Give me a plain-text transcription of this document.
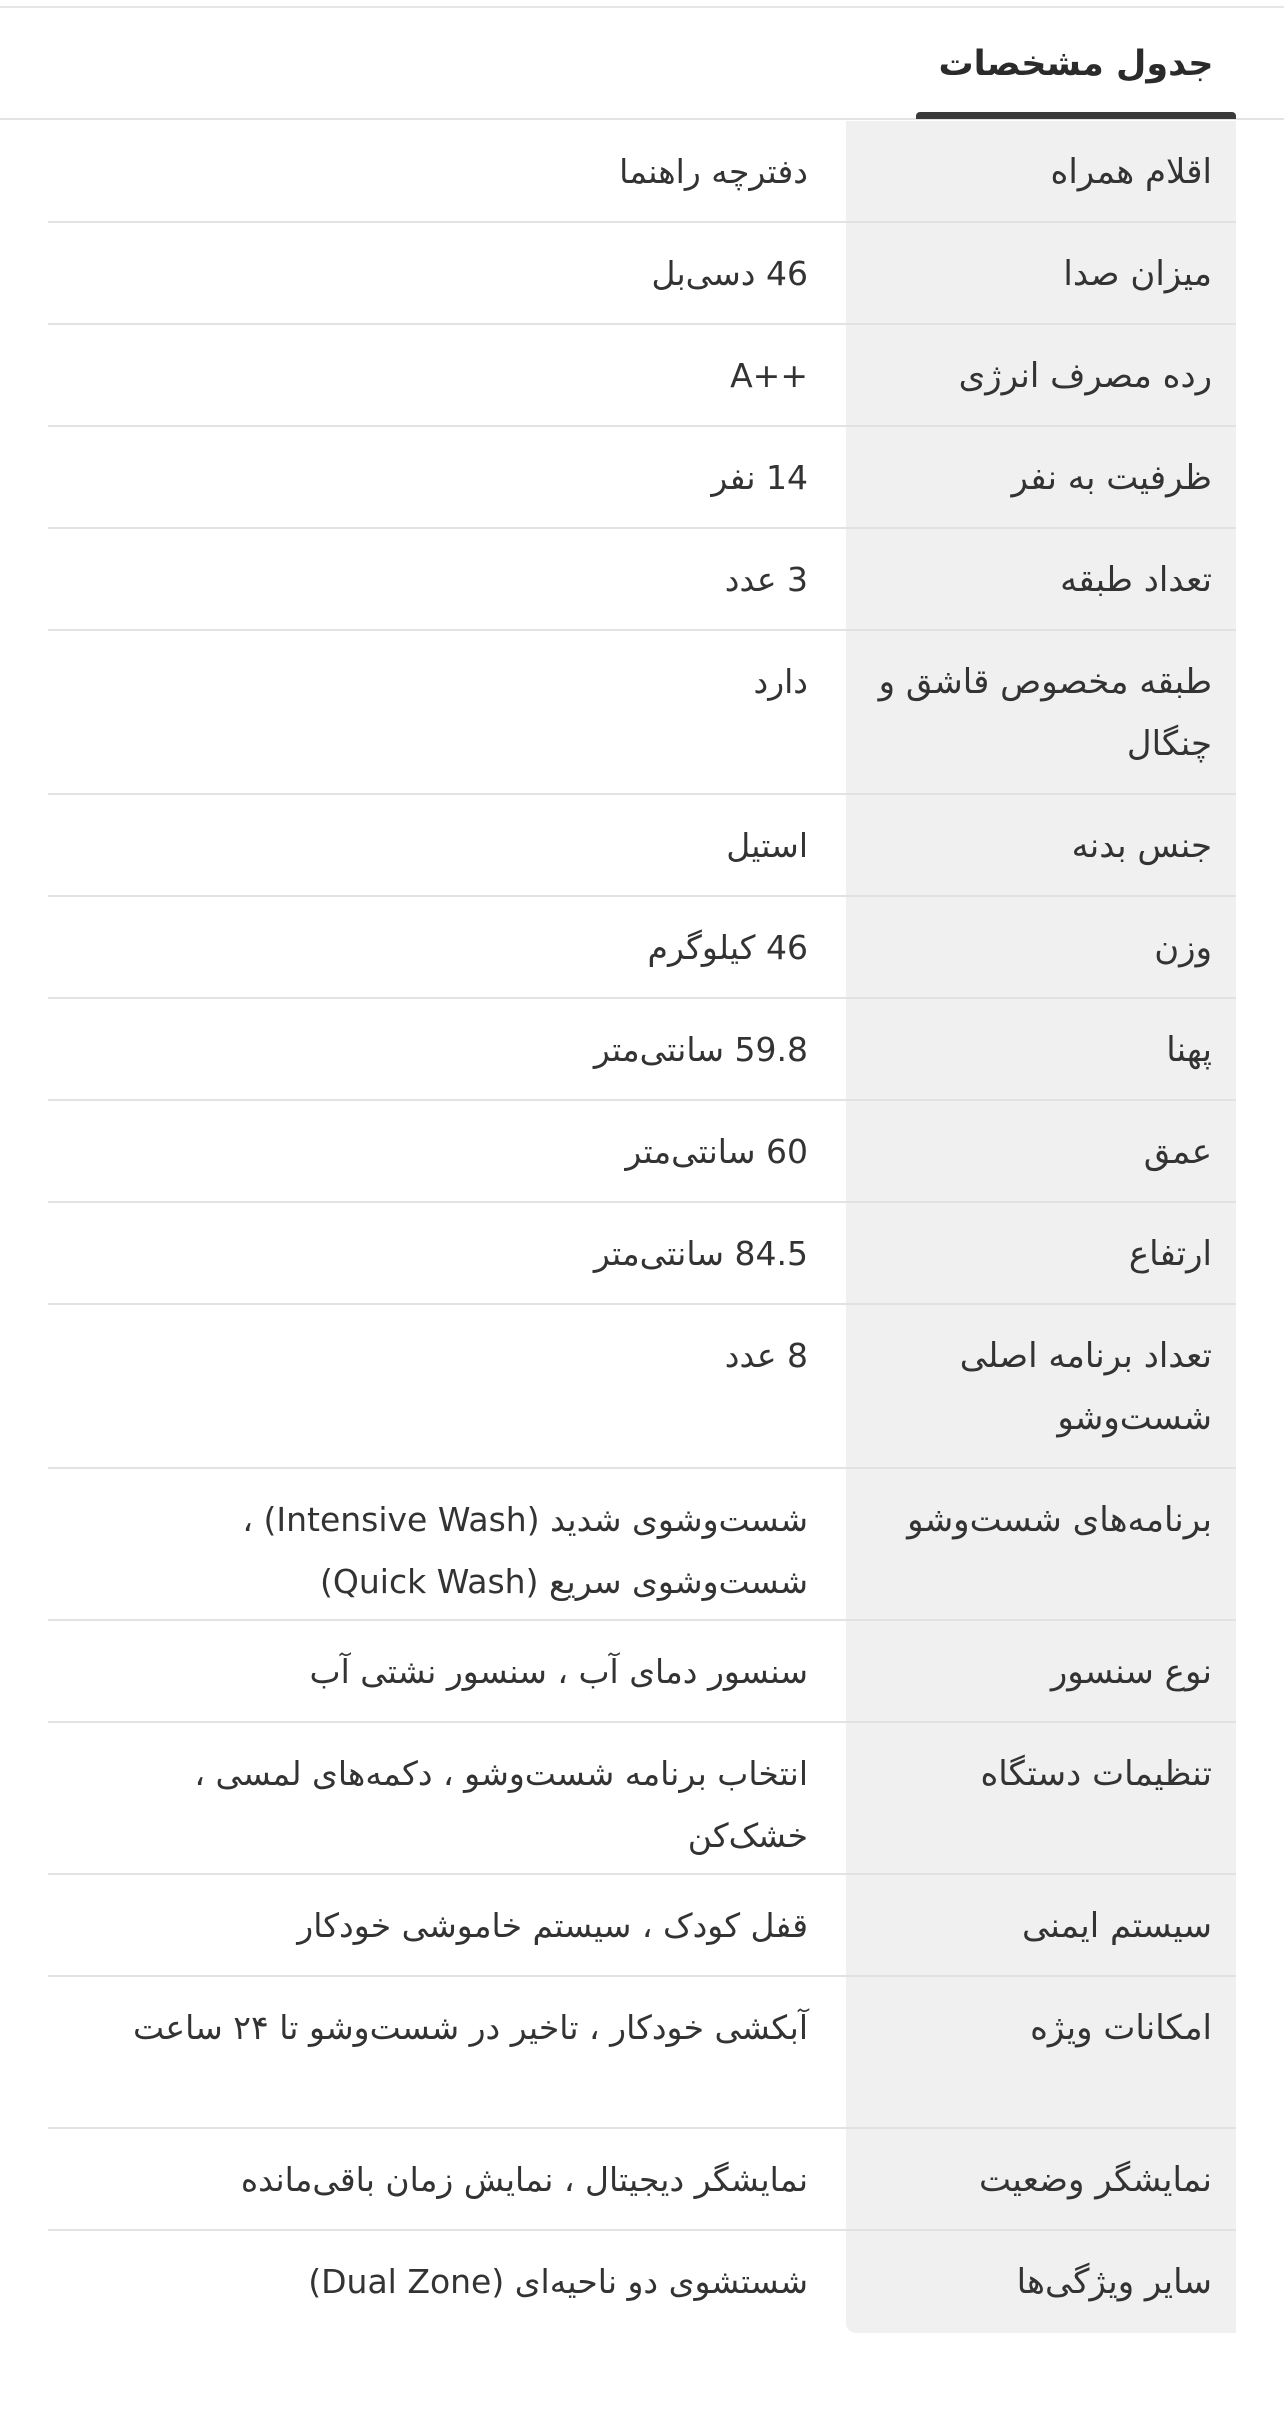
جدول مشخصات
اقلام همراه
دفترچه راهنما
میزان صدا
46 دسی‌بل
رده مصرف انرژی
A++
ظرفیت به نفر
14 نفر
تعداد طبقه
3 عدد
طبقه مخصوص قاشق و چنگال
دارد
جنس بدنه
استیل
وزن
46 کیلوگرم
پهنا
59.8 سانتی‌متر
عمق
60 سانتی‌متر
ارتفاع
84.5 سانتی‌متر
تعداد برنامه اصلی شست‌وشو
8 عدد
برنامه‌های شست‌وشو
شست‌وشوی شدید (Intensive Wash) ، شست‌وشوی سریع (Quick Wash)
نوع سنسور
سنسور دمای آب ، سنسور نشتی آب
تنظیمات دستگاه
انتخاب برنامه شست‌وشو ، دکمه‌های لمسی ، خشک‌کن
سیستم ایمنی
قفل کودک ، سیستم خاموشی خودکار
امکانات ویژه
آبکشی خودکار ، تاخیر در شست‌وشو تا ۲۴ ساعت
نمایشگر وضعیت
نمایشگر دیجیتال ، نمایش زمان باقی‌مانده
سایر ویژگی‌ها
شستشوی دو ناحیه‌ای (Dual Zone)
